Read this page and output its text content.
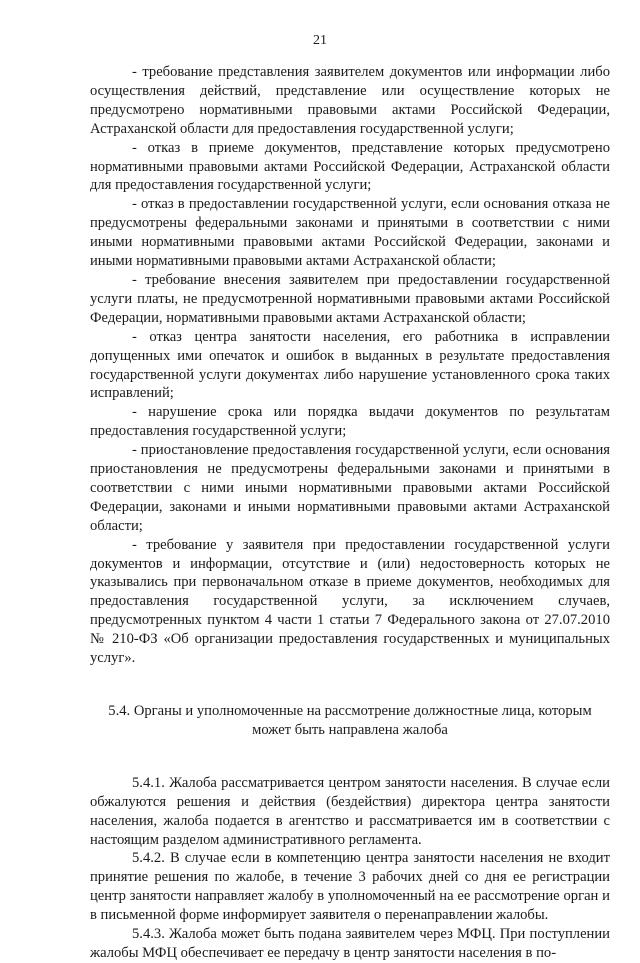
21

- требование представления заявителем документов или информации либо осуществления действий, представление или осуществление которых не предусмотрено нормативными правовыми актами Российской Федерации, Астраханской области для предоставления государственной услуги;

- отказ в приеме документов, представление которых предусмотрено нормативными правовыми актами Российской Федерации, Астраханской области для предоставления государственной услуги;

- отказ в предоставлении государственной услуги, если основания отказа не предусмотрены федеральными законами и принятыми в соответствии с ними иными нормативными правовыми актами Российской Федерации, законами и иными нормативными правовыми актами Астраханской области;

- требование внесения заявителем при предоставлении государственной услуги платы, не предусмотренной нормативными правовыми актами Российской Федерации, нормативными правовыми актами Астраханской области;

- отказ центра занятости населения, его работника в исправлении допущенных ими опечаток и ошибок в выданных в результате предоставления государственной услуги документах либо нарушение установленного срока таких исправлений;

- нарушение срока или порядка выдачи документов по результатам предоставления государственной услуги;

- приостановление предоставления государственной услуги, если основания приостановления не предусмотрены федеральными законами и принятыми в соответствии с ними иными нормативными правовыми актами Российской Федерации, законами и иными нормативными правовыми актами Астраханской области;

- требование у заявителя при предоставлении государственной услуги документов и информации, отсутствие и (или) недостоверность которых не указывались при первоначальном отказе в приеме документов, необходимых для предоставления государственной услуги, за исключением случаев, предусмотренных пунктом 4 части 1 статьи 7 Федерального закона от 27.07.2010 № 210-ФЗ «Об организации предоставления государственных и муниципальных услуг».

5.4. Органы и уполномоченные на рассмотрение должностные лица, которым может быть направлена жалоба

5.4.1. Жалоба рассматривается центром занятости населения. В случае если обжалуются решения и действия (бездействия) директора центра занятости населения, жалоба подается в агентство и рассматривается им в соответствии с настоящим разделом административного регламента.

5.4.2. В случае если в компетенцию центра занятости населения не входит принятие решения по жалобе, в течение 3 рабочих дней со дня ее регистрации центр занятости направляет жалобу в уполномоченный на ее рассмотрение орган и в письменной форме информирует заявителя о перенаправлении жалобы.

5.4.3. Жалоба может быть подана заявителем через МФЦ. При поступлении жалобы МФЦ обеспечивает ее передачу в центр занятости населения в по-
